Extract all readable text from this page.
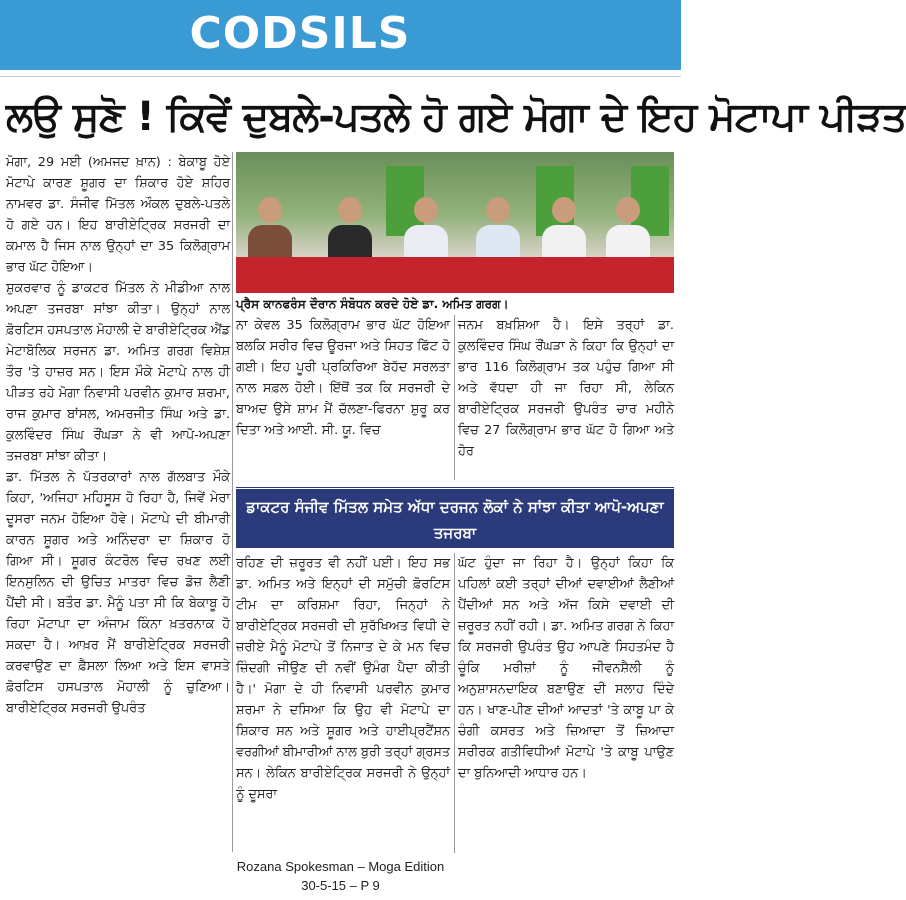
CODSILS
ਲਉ ਸੁਣੋ ! ਕਿਵੇਂ ਦੁਬਲੇ-ਪਤਲੇ ਹੋ ਗਏ ਮੋਗਾ ਦੇ ਇਹ ਮੋਟਾਪਾ ਪੀੜਤ

ਮੋਗਾ, 29 ਮਈ (ਅਮਜਦ ਖ਼ਾਨ) : ਬੇਕਾਬੂ ਹੋਏ ਮੋਟਾਪੇ ਕਾਰਣ ਸ਼ੂਗਰ ਦਾ ਸ਼ਿਕਾਰ ਹੋਏ ਸ਼ਹਿਰ ਨਾਮਵਰ ਡਾ. ਸੰਜੀਵ ਮਿੱਤਲ ਔਕਲ ਦੁਬਲੇ-ਪਤਲੇ ਹੋ ਗਏ ਹਨ। ਇਹ ਬਾਰੀਏਟ੍ਰਿਕ ਸਰਜਰੀ ਦਾ ਕਮਾਲ ਹੈ ਜਿਸ ਨਾਲ ਉਨ੍ਹਾਂ ਦਾ 35 ਕਿਲੋਗ੍ਰਾਮ ਭਾਰ ਘੱਟ ਹੋਇਆ।

ਸ਼ੁਕਰਵਾਰ ਨੂੰ ਡਾਕਟਰ ਮਿੱਤਲ ਨੇ ਮੀਡੀਆ ਨਾਲ ਅਪਣਾ ਤਜਰਬਾ ਸਾਂਝਾ ਕੀਤਾ। ਉਨ੍ਹਾਂ ਨਾਲ ਫ਼ੋਰਟਿਸ ਹਸਪਤਾਲ ਮੋਹਾਲੀ ਦੇ ਬਾਰੀਏਟ੍ਰਿਕ ਐਂਡ ਮੇਟਾਬੋਲਿਕ ਸਰਜਨ ਡਾ. ਅਮਿਤ ਗਰਗ ਵਿਸ਼ੇਸ਼ ਤੌਰ 'ਤੇ ਹਾਜ਼ਰ ਸਨ। ਇਸ ਮੌਕੇ ਮੋਟਾਪੇ ਨਾਲ ਹੀ ਪੀੜਤ ਰਹੇ ਮੋਗਾ ਨਿਵਾਸੀ ਪਰਵੀਨ ਕੁਮਾਰ ਸ਼ਰਮਾ, ਰਾਜ ਕੁਮਾਰ ਬਾਂਸਲ, ਅਮਰਜੀਤ ਸਿੰਘ ਅਤੇ ਡਾ. ਕੁਲਵਿੰਦਰ ਸਿੰਘ ਰੌਂਘੜਾ ਨੇ ਵੀ ਆਪੋ-ਅਪਣਾ ਤਜਰਬਾ ਸਾਂਝਾ ਕੀਤਾ।

ਡਾ. ਮਿੱਤਲ ਨੇ ਪੱਤਰਕਾਰਾਂ ਨਾਲ ਗੱਲਬਾਤ ਮੌਕੇ ਕਿਹਾ, 'ਅਜਿਹਾ ਮਹਿਸੂਸ ਹੋ ਰਿਹਾ ਹੈ, ਜਿਵੇਂ ਮੇਰਾ ਦੂਸਰਾ ਜਨਮ ਹੋਇਆ ਹੋਵੇ। ਮੋਟਾਪੇ ਦੀ ਬੀਮਾਰੀ ਕਾਰਨ ਸ਼ੂਗਰ ਅਤੇ ਅਨਿੰਦਰਾ ਦਾ ਸ਼ਿਕਾਰ ਹੋ ਗਿਆ ਸੀ। ਸ਼ੂਗਰ ਕੰਟਰੋਲ ਵਿਚ ਰਖਣ ਲਈ ਇਨਸੁਲਿਨ ਦੀ ਉਚਿਤ ਮਾਤਰਾ ਵਿਚ ਡੋਜ਼ ਲੈਣੀ ਪੈਂਦੀ ਸੀ। ਬਤੌਰ ਡਾ. ਮੈਨੂੰ ਪਤਾ ਸੀ ਕਿ ਬੇਕਾਬੂ ਹੋ ਰਿਹਾ ਮੋਟਾਪਾ ਦਾ ਅੰਜਾਮ ਕਿੰਨਾ ਖ਼ਤਰਨਾਕ ਹੋ ਸਕਦਾ ਹੈ। ਆਖ਼ਰ ਮੈਂ ਬਾਰੀਏਟ੍ਰਿਕ ਸਰਜਰੀ ਕਰਵਾਉਣ ਦਾ ਫ਼ੈਸਲਾ ਲਿਆ ਅਤੇ ਇਸ ਵਾਸਤੇ ਫ਼ੋਰਟਿਸ ਹਸਪਤਾਲ ਮੋਹਾਲੀ ਨੂੰ ਚੁਣਿਆ। ਬਾਰੀਏਟ੍ਰਿਕ ਸਰਜਰੀ ਉਪਰੰਤ

ਪ੍ਰੈਸ ਕਾਨਫਰੰਸ ਦੌਰਾਨ ਸੰਬੋਧਨ ਕਰਦੇ ਹੋਏ ਡਾ. ਅਮਿਤ ਗਰਗ।
ਨਾ ਕੇਵਲ 35 ਕਿਲੋਗ੍ਰਾਮ ਭਾਰ ਘੱਟ ਹੋਇਆ ਬਲਕਿ ਸਰੀਰ ਵਿਚ ਊਰਜਾ ਅਤੇ ਸਿਹਤ ਫਿੱਟ ਹੋ ਗਈ। ਇਹ ਪੂਰੀ ਪ੍ਰਕਿਰਿਆ ਬੇਹੱਦ ਸਰਲਤਾ ਨਾਲ ਸਫ਼ਲ ਹੋਈ। ਇੱਥੋਂ ਤਕ ਕਿ ਸਰਜਰੀ ਦੇ ਬਾਅਦ ਉਸੇ ਸ਼ਾਮ ਮੈਂ ਚੱਲਣਾ-ਫਿਰਨਾ ਸ਼ੁਰੂ ਕਰ ਦਿਤਾ ਅਤੇ ਆਈ. ਸੀ. ਯੂ. ਵਿਚ
ਜਨਮ ਬਖ਼ਸ਼ਿਆ ਹੈ। ਇਸੇ ਤਰ੍ਹਾਂ ਡਾ. ਕੁਲਵਿੰਦਰ ਸਿੰਘ ਰੌਂਘੜਾ ਨੇ ਕਿਹਾ ਕਿ ਉਨ੍ਹਾਂ ਦਾ ਭਾਰ 116 ਕਿਲੋਗ੍ਰਾਮ ਤਕ ਪਹੁੰਚ ਗਿਆ ਸੀ ਅਤੇ ਵੱਧਦਾ ਹੀ ਜਾ ਰਿਹਾ ਸੀ, ਲੇਕਿਨ ਬਾਰੀਏਟ੍ਰਿਕ ਸਰਜਰੀ ਉਪਰੰਤ ਚਾਰ ਮਹੀਨੇ ਵਿਚ 27 ਕਿਲੋਗ੍ਰਾਮ ਭਾਰ ਘੱਟ ਹੋ ਗਿਆ ਅਤੇ ਹੋਰ
ਡਾਕਟਰ ਸੰਜੀਵ ਮਿੱਤਲ ਸਮੇਤ ਅੱਧਾ ਦਰਜਨ ਲੋਕਾਂ ਨੇ ਸਾਂਝਾ ਕੀਤਾ ਆਪੋ-ਅਪਣਾ ਤਜਰਬਾ
ਰਹਿਣ ਦੀ ਜ਼ਰੂਰਤ ਵੀ ਨਹੀਂ ਪਈ। ਇਹ ਸਭ ਡਾ. ਅਮਿਤ ਅਤੇ ਇਨ੍ਹਾਂ ਦੀ ਸਮੁੱਚੀ ਫ਼ੋਰਟਿਸ ਟੀਮ ਦਾ ਕਰਿਸ਼ਮਾ ਰਿਹਾ, ਜਿਨ੍ਹਾਂ ਨੇ ਬਾਰੀਏਟ੍ਰਿਕ ਸਰਜਰੀ ਦੀ ਸੁਰੱਖਿਅਤ ਵਿਧੀ ਦੇ ਜ਼ਰੀਏ ਮੈਨੂੰ ਮੋਟਾਪੇ ਤੋਂ ਨਿਜਾਤ ਦੇ ਕੇ ਮਨ ਵਿਚ ਜ਼ਿੰਦਗੀ ਜੀਉਣ ਦੀ ਨਵੀਂ ਉਮੰਗ ਪੈਦਾ ਕੀਤੀ ਹੈ।' ਮੋਗਾ ਦੇ ਹੀ ਨਿਵਾਸੀ ਪਰਵੀਨ ਕੁਮਾਰ ਸ਼ਰਮਾ ਨੇ ਦਸਿਆ ਕਿ ਉਹ ਵੀ ਮੋਟਾਪੇ ਦਾ ਸ਼ਿਕਾਰ ਸਨ ਅਤੇ ਸ਼ੂਗਰ ਅਤੇ ਹਾਈਪ੍ਰਟੈਂਸ਼ਨ ਵਰਗੀਆਂ ਬੀਮਾਰੀਆਂ ਨਾਲ ਬੁਰੀ ਤਰ੍ਹਾਂ ਗ੍ਰਸਤ ਸਨ। ਲੇਕਿਨ ਬਾਰੀਏਟ੍ਰਿਕ ਸਰਜਰੀ ਨੇ ਉਨ੍ਹਾਂ ਨੂੰ ਦੂਸਰਾ
ਘੱਟ ਹੁੰਦਾ ਜਾ ਰਿਹਾ ਹੈ। ਉਨ੍ਹਾਂ ਕਿਹਾ ਕਿ ਪਹਿਲਾਂ ਕਈ ਤਰ੍ਹਾਂ ਦੀਆਂ ਦਵਾਈਆਂ ਲੈਣੀਆਂ ਪੈਂਦੀਆਂ ਸਨ ਅਤੇ ਅੱਜ ਕਿਸੇ ਦਵਾਈ ਦੀ ਜ਼ਰੂਰਤ ਨਹੀਂ ਰਹੀ। ਡਾ. ਅਮਿਤ ਗਰਗ ਨੇ ਕਿਹਾ ਕਿ ਸਰਜਰੀ ਉਪਰੰਤ ਉਹ ਆਪਣੇ ਸਿਹਤਮੰਦ ਹੈ ਚੂੰਕਿ ਮਰੀਜ਼ਾਂ ਨੂੰ ਜੀਵਨਸ਼ੈਲੀ ਨੂੰ ਅਨੁਸ਼ਾਸਨਦਾਇਕ ਬਣਾਉਣ ਦੀ ਸਲਾਹ ਦਿੰਦੇ ਹਨ। ਖਾਣ-ਪੀਣ ਦੀਆਂ ਆਦਤਾਂ 'ਤੇ ਕਾਬੂ ਪਾ ਕੇ ਚੰਗੀ ਕਸਰਤ ਅਤੇ ਜ਼ਿਆਦਾ ਤੋਂ ਜ਼ਿਆਦਾ ਸਰੀਰਕ ਗਤੀਵਿਧੀਆਂ ਮੋਟਾਪੇ 'ਤੇ ਕਾਬੂ ਪਾਉਣ ਦਾ ਬੁਨਿਆਦੀ ਆਧਾਰ ਹਨ।
Rozana Spokesman – Moga Edition
30-5-15 – P 9
